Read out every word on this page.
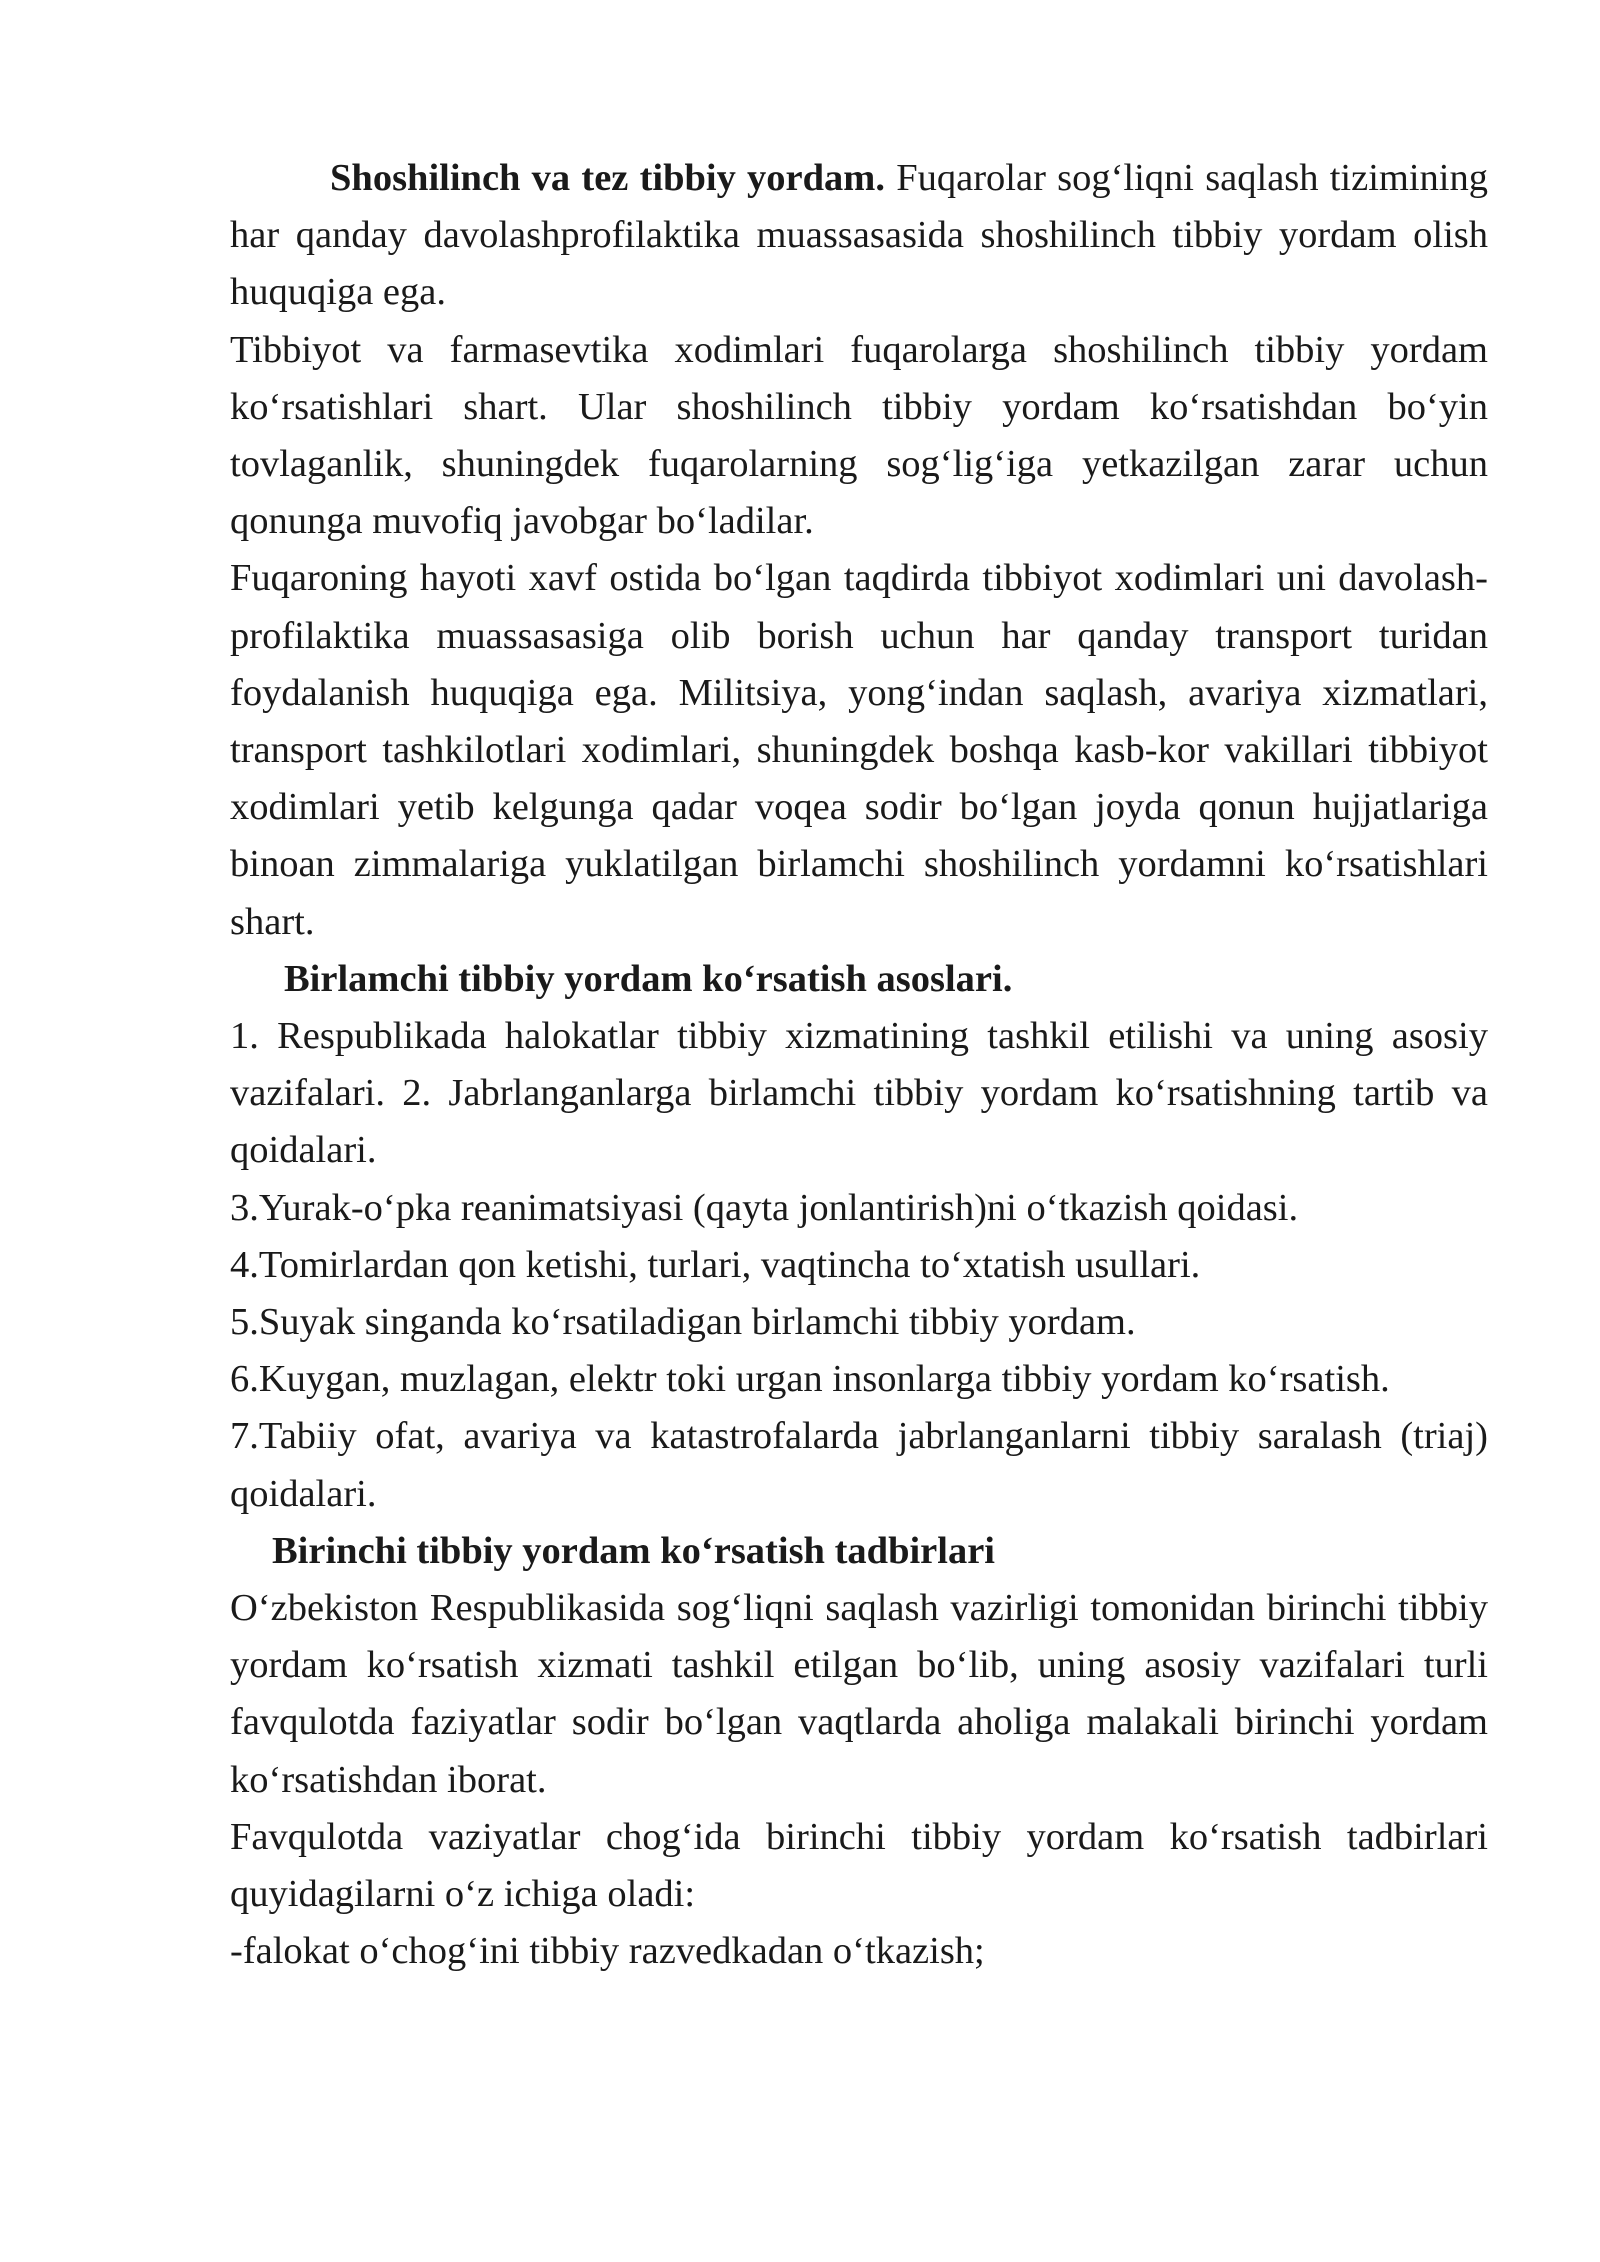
Shoshilinch va tez tibbiy yordam. Fuqarolar sog‘liqni saqlash tizimining har qanday davolashprofilaktika muassasasida shoshilinch tibbiy yordam olish huquqiga ega.

Tibbiyot va farmasevtika xodimlari fuqarolarga shoshilinch tibbiy yordam ko‘rsatishlari shart. Ular shoshilinch tibbiy yordam ko‘rsatishdan bo‘yin tovlaganlik, shuningdek fuqarolarning sog‘lig‘iga yetkazilgan zarar uchun qonunga muvofiq javobgar bo‘ladilar.

Fuqaroning hayoti xavf ostida bo‘lgan taqdirda tibbiyot xodimlari uni davolash-profilaktika muassasasiga olib borish uchun har qanday transport turidan foydalanish huquqiga ega. Militsiya, yong‘indan saqlash, avariya xizmatlari, transport tashkilotlari xodimlari, shuningdek boshqa kasb-kor vakillari tibbiyot xodimlari yetib kelgunga qadar voqea sodir bo‘lgan joyda qonun hujjatlariga binoan zimmalariga yuklatilgan birlamchi shoshilinch yordamni ko‘rsatishlari shart.

Birlamchi tibbiy yordam ko‘rsatish asoslari.

1. Respublikada halokatlar tibbiy xizmatining tashkil etilishi va uning asosiy vazifalari. 2. Jabrlanganlarga birlamchi tibbiy yordam ko‘rsatishning tartib va qoidalari.

3.Yurak-o‘pka reanimatsiyasi (qayta jonlantirish)ni o‘tkazish qoidasi.

4.Tomirlardan qon ketishi, turlari, vaqtincha to‘xtatish usullari.

5.Suyak singanda ko‘rsatiladigan birlamchi tibbiy yordam.

6.Kuygan, muzlagan, elektr toki urgan insonlarga tibbiy yordam ko‘rsatish.

7.Tabiiy ofat, avariya va katastrofalarda jabrlanganlarni tibbiy saralash (triaj) qoidalari.

Birinchi tibbiy yordam ko‘rsatish tadbirlari

O‘zbekiston Respublikasida sog‘liqni saqlash vazirligi tomonidan birinchi tibbiy yordam ko‘rsatish xizmati tashkil etilgan bo‘lib, uning asosiy vazifalari turli favqulotda faziyatlar sodir bo‘lgan vaqtlarda aholiga malakali birinchi yordam ko‘rsatishdan iborat.

Favqulotda vaziyatlar chog‘ida birinchi tibbiy yordam ko‘rsatish tadbirlari quyidagilarni o‘z ichiga oladi:

-falokat o‘chog‘ini tibbiy razvedkadan o‘tkazish;
